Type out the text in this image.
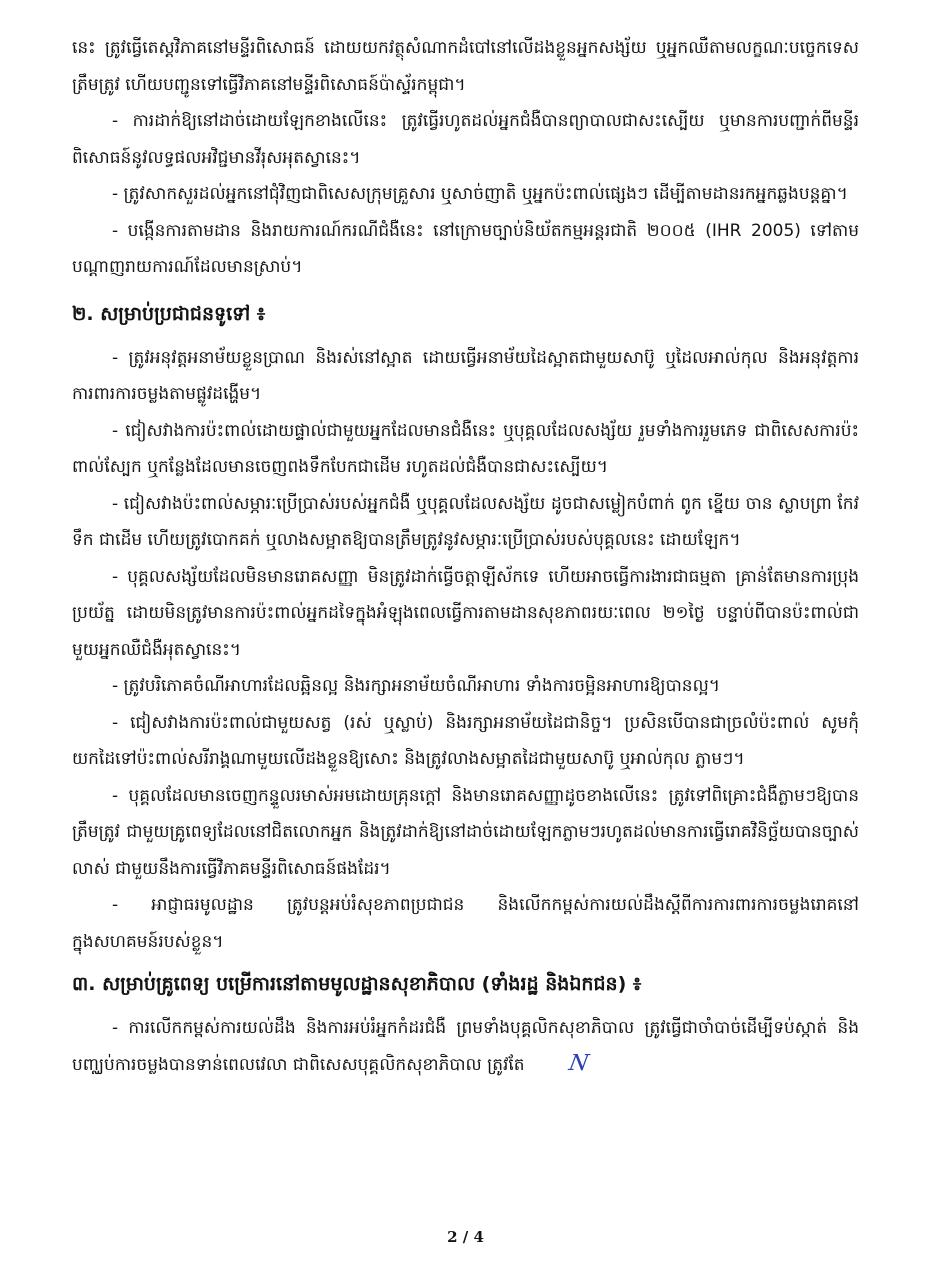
នេះ ត្រូវធ្វើតេស្តវិភាគនៅមន្ទីរពិសោធន៍ ដោយយកវត្ថុសំណាកដំបៅនៅលើដងខ្លួនអ្នកសង្ស័យ ឬអ្នកឈឺតាមលក្ខណៈបច្ចេកទេសត្រឹមត្រូវ ហើយបញ្ជូនទៅធ្វើវិភាគនៅមន្ទីរពិសោធន៍ប៉ាស្ទ័រកម្ពុជា។

- ការដាក់ឱ្យនៅដាច់ដោយឡែកខាងលើនេះ ត្រូវធ្វើរហូតដល់អ្នកជំងឺបានព្យាបាលជាសះស្បើយ ឬមានការបញ្ជាក់ពីមន្ទីរពិសោធន៍នូវលទ្ធផលអវិជ្ជមានវីរុសអុតស្វានេះ។

- ត្រូវសាកសួរដល់អ្នកនៅជុំវិញជាពិសេសក្រុមគ្រួសារ ឬសាច់ញាតិ ឬអ្នកប៉ះពាល់ផ្សេងៗ ដើម្បីតាមដានរកអ្នកឆ្លងបន្តគ្នា។

- បង្កើនការតាមដាន និងរាយការណ៍ករណីជំងឺនេះ នៅក្រោមច្បាប់និយ័តកម្មអន្តរជាតិ ២០០៥ (IHR 2005) ទៅតាមបណ្ដាញរាយការណ៍ដែលមានស្រាប់។

២. សម្រាប់ប្រជាជនទូទៅ ៖

- ត្រូវអនុវត្តអនាម័យខ្លួនប្រាណ និងរស់នៅស្អាត ដោយធ្វើអនាម័យដៃស្អាតជាមួយសាប៊ូ ឬដៃលអាល់កុល និងអនុវត្តការការពារការចម្លងតាមផ្លូវដង្ហើម។

- ជៀសវាងការប៉ះពាល់ដោយផ្ទាល់ជាមួយអ្នកដែលមានជំងឺនេះ ឬបុគ្គលដែលសង្ស័យ រួមទាំងការរួមភេទ ជាពិសេសការប៉ះពាល់ស្បែក ឬកន្លែងដែលមានចេញពងទឹកបែកជាដើម រហូតដល់ជំងឺបានជាសះស្បើយ។

- ជៀសវាងប៉ះពាល់សម្ភារៈប្រើប្រាស់របស់អ្នកជំងឺ ឬបុគ្គលដែលសង្ស័យ ដូចជាសម្លៀកបំពាក់ ពូក ខ្នើយ ចាន ស្លាបព្រា កែវទឹក ជាដើម ហើយត្រូវបោកគក់ ឬលាងសម្អាតឱ្យបានត្រឹមត្រូវនូវសម្ភារៈប្រើប្រាស់របស់បុគ្គលនេះ ដោយឡែក។

- បុគ្គលសង្ស័យដែលមិនមានរោគសញ្ញា មិនត្រូវដាក់ធ្វើចត្តាឡីស័កទេ ហើយអាចធ្វើការងារជាធម្មតា គ្រាន់តែមានការប្រុងប្រយ័ត្ន ដោយមិនត្រូវមានការប៉ះពាល់អ្នកដទៃក្នុងអំឡុងពេលធ្វើការតាមដានសុខភាពរយៈពេល ២១ថ្ងៃ បន្ទាប់ពីបានប៉ះពាល់ជាមួយអ្នកឈឺជំងឺអុតស្វានេះ។

- ត្រូវបរិភោគចំណីអាហារដែលឆ្អិនល្អ និងរក្សាអនាម័យចំណីអាហារ ទាំងការចម្អិនអាហារឱ្យបានល្អ។

- ជៀសវាងការប៉ះពាល់ជាមួយសត្វ (រស់ ឬស្លាប់) និងរក្សាអនាម័យដៃជានិច្ច។ ប្រសិនបើបានជាច្រលំប៉ះពាល់ សូមកុំយកដៃទៅប៉ះពាល់សរីរាង្គណាមួយលើដងខ្លួនឱ្យសោះ និងត្រូវលាងសម្អាតដៃជាមួយសាប៊ូ ឬអាល់កុល ភ្លាមៗ។

- បុគ្គលដែលមានចេញកន្ទួលរមាស់អមដោយគ្រុនក្ដៅ និងមានរោគសញ្ញាដូចខាងលើនេះ ត្រូវទៅពិគ្រោះជំងឺភ្លាមៗឱ្យបានត្រឹមត្រូវ ជាមួយគ្រូពេទ្យដែលនៅជិតលោកអ្នក និងត្រូវដាក់ឱ្យនៅដាច់ដោយឡែកភ្លាមៗរហូតដល់មានការធ្វើរោគវិនិច្ឆ័យបានច្បាស់លាស់ ជាមួយនឹងការធ្វើវិភាគមន្ទីរពិសោធន៍ផងដែរ។

- អាជ្ញាធរមូលដ្ឋាន ត្រូវបន្តអប់រំសុខភាពប្រជាជន និងលើកកម្ពស់ការយល់ដឹងស្តីពីការការពារការចម្លងរោគនៅក្នុងសហគមន៍របស់ខ្លួន។

៣. សម្រាប់គ្រូពេទ្យ បម្រើការនៅតាមមូលដ្ឋានសុខាភិបាល (ទាំងរដ្ឋ និងឯកជន) ៖

- ការលើកកម្ពស់ការយល់ដឹង និងការអប់រំអ្នកកំដរជំងឺ ព្រមទាំងបុគ្គលិកសុខាភិបាល ត្រូវធ្វើជាចាំបាច់ដើម្បីទប់ស្កាត់ និងបញ្ឈប់ការចម្លងបានទាន់ពេលវេលា ជាពិសេសបុគ្គលិកសុខាភិបាល ត្រូវតែ N

2 / 4
